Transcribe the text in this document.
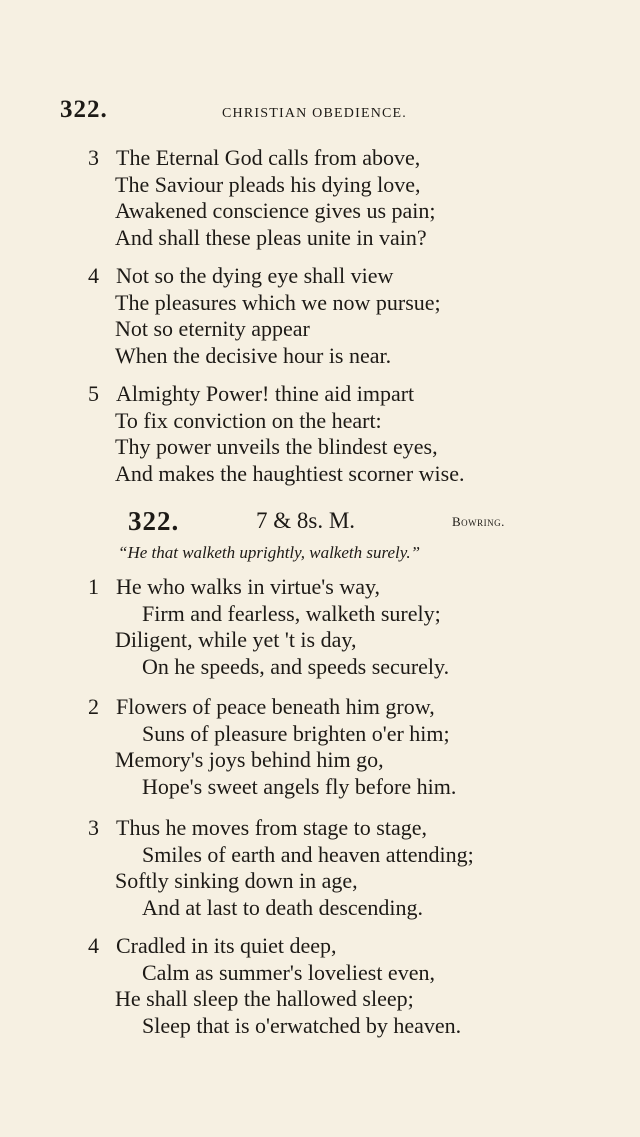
322.	CHRISTIAN OBEDIENCE.
3 The Eternal God calls from above,
The Saviour pleads his dying love,
Awakened conscience gives us pain;
And shall these pleas unite in vain?
4 Not so the dying eye shall view
The pleasures which we now pursue;
Not so eternity appear
When the decisive hour is near.
5 Almighty Power! thine aid impart
To fix conviction on the heart:
Thy power unveils the blindest eyes,
And makes the haughtiest scorner wise.
322.	7 & 8s. M.	Bowring.
“He that walketh uprightly, walketh surely.”
1 He who walks in virtue's way,
Firm and fearless, walketh surely;
Diligent, while yet 't is day,
On he speeds, and speeds securely.
2 Flowers of peace beneath him grow,
Suns of pleasure brighten o'er him;
Memory's joys behind him go,
Hope's sweet angels fly before him.
3 Thus he moves from stage to stage,
Smiles of earth and heaven attending;
Softly sinking down in age,
And at last to death descending.
4 Cradled in its quiet deep,
Calm as summer's loveliest even,
He shall sleep the hallowed sleep;
Sleep that is o'erwatched by heaven.
